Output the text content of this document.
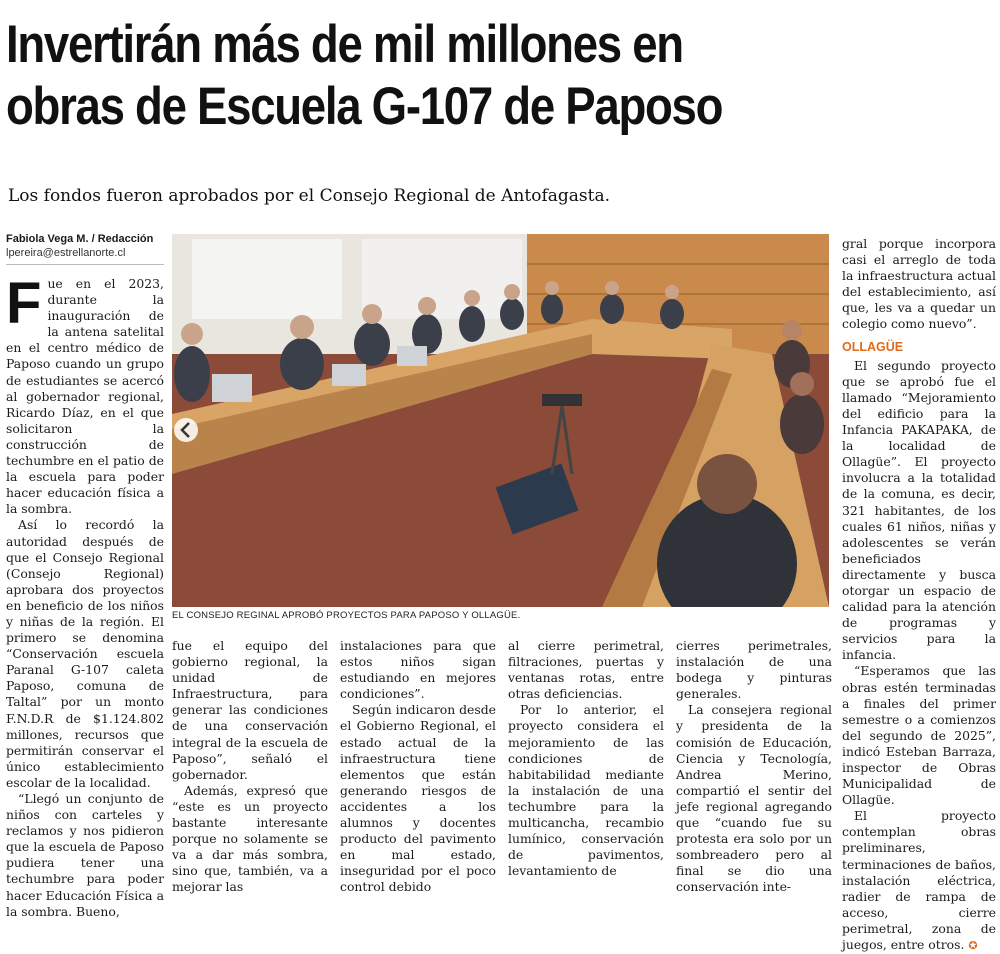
Invertirán más de mil millones en
obras de Escuela G-107 de Paposo
Los fondos fueron aprobados por el Consejo Regional de Antofagasta.
Fabiola Vega M. / Redacción
lpereira@estrellanorte.cl

Fue en el 2023, durante la inauguración de la antena satelital en el centro médico de Paposo cuando un grupo de estudiantes se acercó al gobernador regional, Ricardo Díaz, en el que solicitaron la construcción de techumbre en el patio de la escuela para poder hacer educación física a la sombra.

Así lo recordó la autoridad después de que el Consejo Regional (Consejo Regional) aprobara dos proyectos en beneficio de los niños y niñas de la región. El primero se denomina “Conservación escuela Paranal G-107 caleta Paposo, comuna de Taltal” por un monto F.N.D.R de $1.124.802 millones, recursos que permitirán conservar el único establecimiento escolar de la localidad.

“Llegó un conjunto de niños con carteles y reclamos y nos pidieron que la escuela de Paposo pudiera tener una techumbre para poder hacer Educación Física a la sombra. Bueno,

EL CONSEJO REGINAL APROBÓ PROYECTOS PARA PAPOSO Y OLLAGÜE.

fue el equipo del gobierno regional, la unidad de Infraestructura, para generar las condiciones de una conservación integral de la escuela de Paposo”, señaló el gobernador.

Además, expresó que “este es un proyecto bastante interesante porque no solamente se va a dar más sombra, sino que, también, va a mejorar las

instalaciones para que estos niños sigan estudiando en mejores condiciones”.

Según indicaron desde el Gobierno Regional, el estado actual de la infraestructura tiene elementos que están generando riesgos de accidentes a los alumnos y docentes producto del pavimento en mal estado, inseguridad por el poco control debido

al cierre perimetral, filtraciones, puertas y ventanas rotas, entre otras deficiencias.

Por lo anterior, el proyecto considera el mejoramiento de las condiciones de habitabilidad mediante la instalación de una techumbre para la multicancha, recambio lumínico, conservación de pavimentos, levantamiento de

cierres perimetrales, instalación de una bodega y pinturas generales.

La consejera regional y presidenta de la comisión de Educación, Ciencia y Tecnología, Andrea Merino, compartió el sentir del jefe regional agregando que “cuando fue su protesta era solo por un sombreadero pero al final se dio una conservación inte-

gral porque incorpora casi el arreglo de toda la infraestructura actual del establecimiento, así que, les va a quedar un colegio como nuevo”.

OLLAGÜE

El segundo proyecto que se aprobó fue el llamado “Mejoramiento del edificio para la Infancia PAKAPAKA, de la localidad de Ollagüe”. El proyecto involucra a la totalidad de la comuna, es decir, 321 habitantes, de los cuales 61 niños, niñas y adolescentes se verán beneficiados directamente y busca otorgar un espacio de calidad para la atención de programas y servicios para la infancia.

“Esperamos que las obras estén terminadas a finales del primer semestre o a comienzos del segundo de 2025”, indicó Esteban Barraza, inspector de Obras Municipalidad de Ollagüe.

El proyecto contemplan obras preliminares, terminaciones de baños, instalación eléctrica, radier de rampa de acceso, cierre perimetral, zona de juegos, entre otros. ✪
